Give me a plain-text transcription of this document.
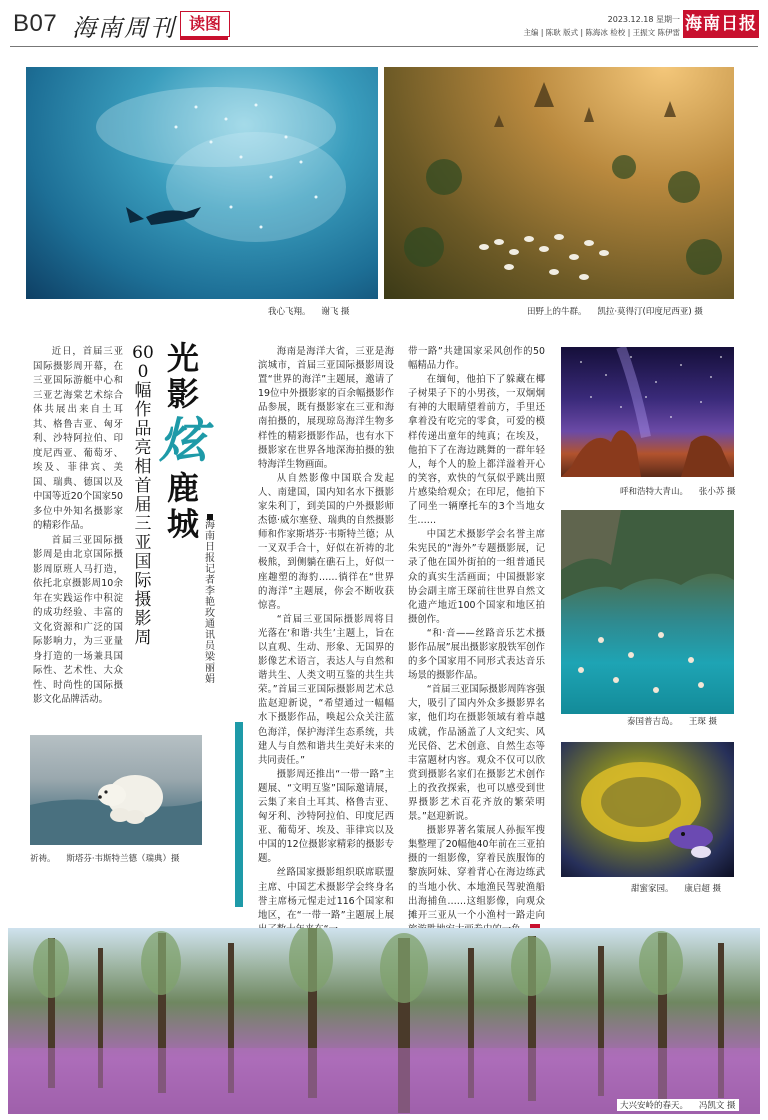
B07 海南周刊 读图	2023.12.18 星期一
主编 | 陈耿 版式 | 陈海冰 检校 | 王振文 陈伊雷 海南日报
我心飞翔。 谢飞 摄	田野上的牛群。 凯拉·莫得汀(印度尼西亚) 摄

近日，首届三亚国际摄影周开幕，在三亚国际游艇中心和三亚艺海棠艺术综合体共展出来自土耳其、格鲁吉亚、匈牙利、沙特阿拉伯、印度尼西亚、葡萄牙、埃及、菲律宾、美国、瑞典、德国以及中国等近20个国家50多位中外知名摄影家的精彩作品。

首届三亚国际摄影周是由北京国际摄影周原班人马打造，依托北京摄影周10余年在实践运作中积淀的成功经验、丰富的文化资源和广泛的国际影响力，为三亚量身打造的一场兼具国际性、艺术性、大众性、时尚性的国际摄影文化品牌活动。

600幅作品亮相首届三亚国际摄影周
光
影
炫
鹿
城 海南日报记者 李艳玫 通讯员 梁丽娟
祈祷。 斯塔芬·韦斯特兰德（瑞典）摄

海南是海洋大省，三亚是海滨城市，首届三亚国际摄影周设置“世界的海洋”主题展，邀请了19位中外摄影家的百余幅摄影作品参展，既有摄影家在三亚和海南拍摄的，展现琼岛海洋生物多样性的精彩摄影作品，也有水下摄影家在世界各地深海拍摄的独特海洋生物画面。

从自然影像中国联合发起人、南建国，国内知名水下摄影家朱利丁，到美国的户外摄影师杰德·威尔塞登、瑞典的自然摄影师和作家斯塔芬·韦斯特兰德；从一叉双手合十，好似在祈祷的北极熊，到侧躺在礁石上，好似一座趣塑的海豹……徜徉在“世界的海洋”主题展，你会不断收获惊喜。

“首届三亚国际摄影周将目光落在‘和谐·共生’主题上，旨在以直观、生动、形象、无国界的影像艺术语言，表达人与自然和谐共生、人类文明互鉴的共生共荣。”首届三亚国际摄影周艺术总监赵迎新说，“希望通过一幅幅水下摄影作品，唤起公众关注蓝色海洋，保护海洋生态系统，共建人与自然和谐共生美好未来的共同责任。”

摄影周还推出“一带一路”主题展、“文明互鉴”国际邀请展，云集了来自土耳其、格鲁吉亚、匈牙利、沙特阿拉伯、印度尼西亚、葡萄牙、埃及、菲律宾以及中国的12位摄影家精彩的摄影专题。

丝路国家摄影组织联席联盟主席、中国艺术摄影学会终身名誉主席杨元惺走过116个国家和地区，在“一带一路”主题展上展

带一路”共建国家采风创作的50幅精品力作。

在缅甸，他拍下了躲藏在椰子树果子下的小男孩，一双炯炯有神的大眼睛望着前方，手里还拿着没有吃完的零食，可爱的模样传递出童年的纯真；在埃及，他拍下了在海边跳舞的一群年轻人，每个人的脸上都洋溢着开心的笑容，欢快的气氛似乎跳出照片感染给观众；在印尼，他拍下了同坐一辆摩托车的3个当地女生……

中国艺术摄影学会名誉主席朱宪民的“海外”专题摄影展，记录了他在国外街拍的一组普通民众的真实生活画面；中国摄影家协会副主席王琛前往世界自然文化遗产地近100个国家和地区拍摄创作。

“和·音——丝路音乐艺术摄影作品展”展出摄影家殷铁军创作的多个国家用不同形式表达音乐场景的摄影作品。

“首届三亚国际摄影周阵容强大，吸引了国内外众多摄影界名家，他们均在摄影领域有着卓越成就，作品涵盖了人文纪实、风光民俗、艺术创意、自然生态等丰富题材内容。观众不仅可以欣赏到摄影名家们在摄影艺术创作上的孜孜探索，也可以感受到世界摄影艺术百花齐放的繁荣明景。”赵迎新说。

摄影界著名策展人孙振军搜集整理了20幅他40年前在三亚拍摄的一组影像，穿着民族服饰的黎族阿妹、穿着背心在海边练武的当地小伙、本地渔民驾驶渔船出海捕鱼……这组影像，向观众摊开三亚从一个小渔村一路走向

呼和浩特大青山。 张小苏 摄
泰国普吉岛。 王琛 摄
甜蜜家园。 康启超 摄
大兴安岭的春天。 冯凯文 摄
